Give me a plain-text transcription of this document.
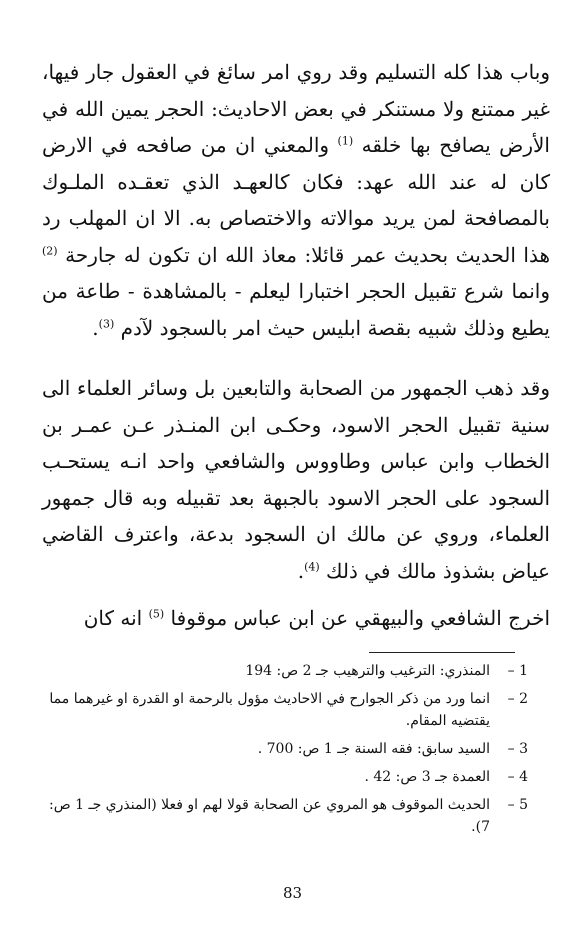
وباب هذا كله التسليم وقد روي امر سائغ في العقول جار فيها، غير ممتنع ولا مستنكر في بعض الاحاديث: الحجر يمين الله في الأرض يصافح بها خلقه $^{(1)}$ والمعني ان من صافحه في الارض كان له عند الله عهد: فكان كالعهـد الذي تعقـده الملـوك بالمصافحة لمن يريد موالاته والاختصاص به. الا ان المهلب رد هذا الحديث بحديث عمر قائلا: معاذ الله ان تكون له جارحة $^{(2)}$ وانما شرع تقبيل الحجر اختبارا ليعلم - بالمشاهدة - طاعة من يطيع وذلك شبيه بقصة ابليس حيث امر بالسجود لآدم $^{(3)}$.

وقد ذهب الجمهور من الصحابة والتابعين بل وسائر العلماء الى سنية تقبيل الحجر الاسود، وحكـى ابن المنـذر عـن عمـر بن الخطاب وابن عباس وطاووس والشافعي واحد انـه يستحـب السجود على الحجر الاسود بالجبهة بعد تقبيله وبه قال جمهور العلماء، وروي عن مالك ان السجود بدعة، واعترف القاضي عياض بشذوذ مالك في ذلك $^{(4)}$.

اخرج الشافعي والبيهقي عن ابن عباس موقوفا $^{(5)}$ انه كان

1 –
المنذري: الترغيب والترهيب جـ 2 ص: 194
2 –
انما ورد من ذكر الجوارح في الاحاديث مؤول بالرحمة او القدرة او غيرهما مما يقتضيه المقام.
3 –
السيد سابق: فقه السنة جـ 1 ص: 700 .
4 –
العمدة جـ 3 ص: 42 .
5 –
الحديث الموقوف هو المروي عن الصحابة قولا لهم او فعلا (المنذري جـ 1 ص: 7).
83
